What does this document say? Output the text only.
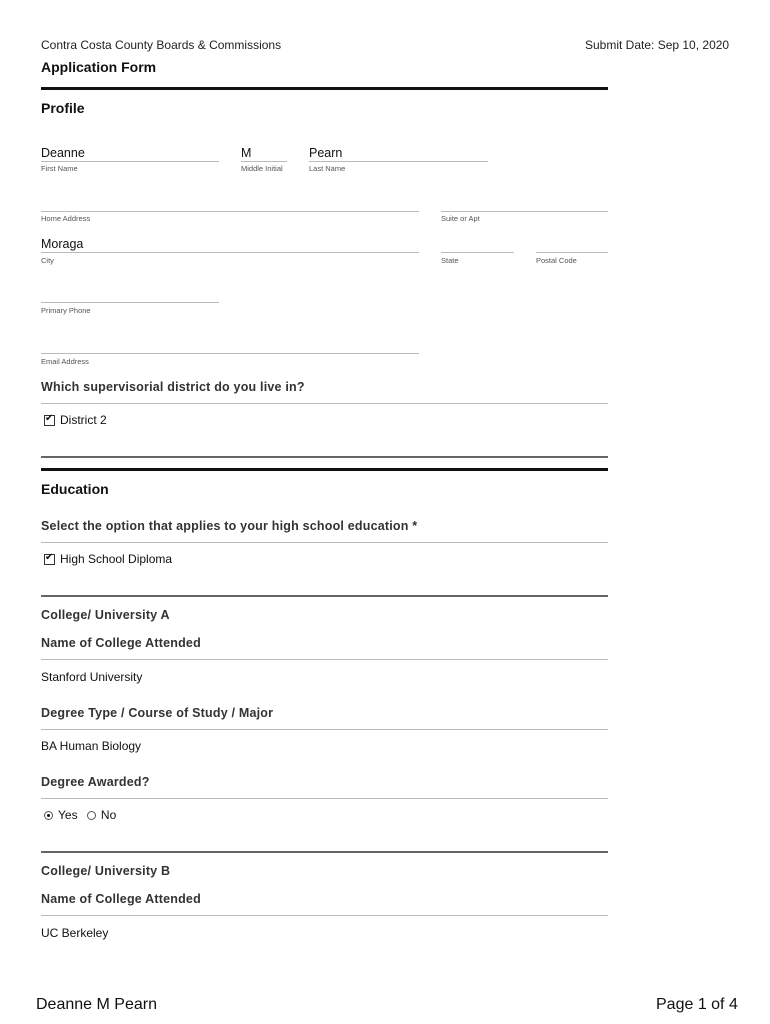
Contra Costa County Boards & Commissions	Submit Date: Sep 10, 2020
Application Form
Profile
Deanne
First Name
M
Middle Initial
Pearn
Last Name
Home Address	Suite or Apt
Moraga
City	State	Postal Code
Primary Phone
Email Address
Which supervisorial district do you live in?
✔District 2
Education
Select the option that applies to your high school education *
✔High School Diploma
College/ University A
Name of College Attended
Stanford University
Degree Type / Course of Study / Major
BA Human Biology
Degree Awarded?
Yes No
College/ University B
Name of College Attended
UC Berkeley
Deanne M Pearn	Page 1 of 4
